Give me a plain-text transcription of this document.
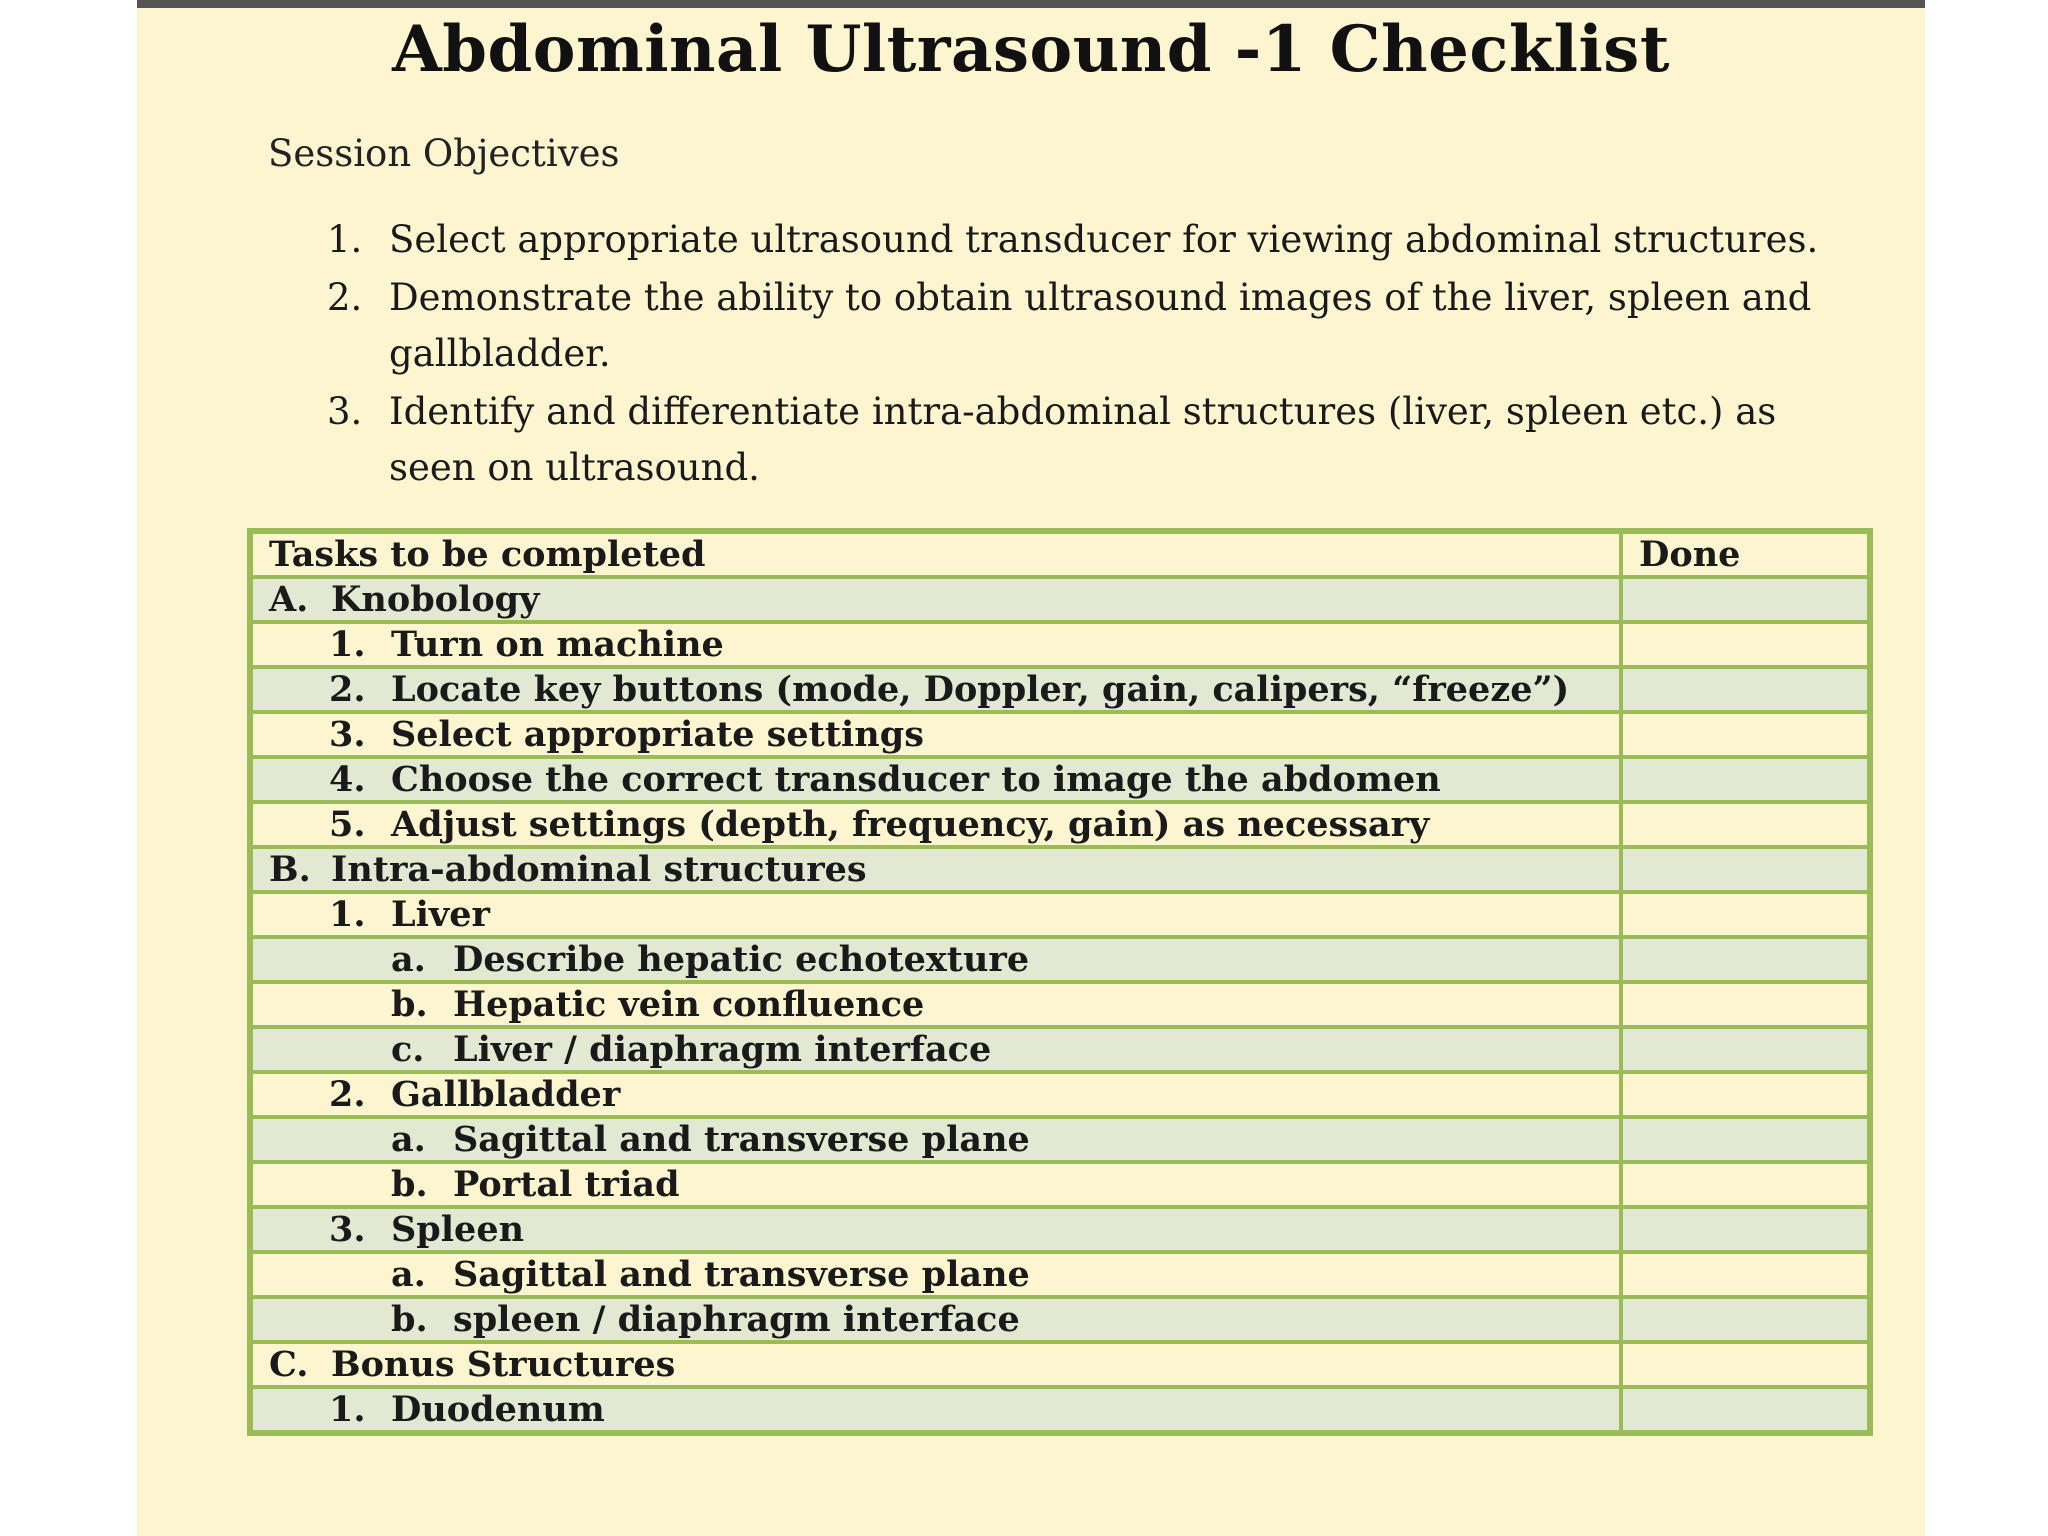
Abdominal Ultrasound -1 Checklist
Session Objectives
1. Select appropriate ultrasound transducer for viewing abdominal structures.
2. Demonstrate the ability to obtain ultrasound images of the liver, spleen and gallbladder.
3. Identify and differentiate intra-abdominal structures (liver, spleen etc.) as seen on ultrasound.
Tasks to be completed	Done

A. Knobology	

1. Turn on machine	

2. Locate key buttons (mode, Doppler, gain, calipers, “freeze”)	

3. Select appropriate settings	

4. Choose the correct transducer to image the abdomen	

5. Adjust settings (depth, frequency, gain) as necessary	

B. Intra-abdominal structures	

1. Liver	

a. Describe hepatic echotexture	

b. Hepatic vein confluence	

c. Liver / diaphragm interface	

2. Gallbladder	

a. Sagittal and transverse plane	

b. Portal triad	

3. Spleen	

a. Sagittal and transverse plane	

b. spleen / diaphragm interface	

C. Bonus Structures	

1. Duodenum	
